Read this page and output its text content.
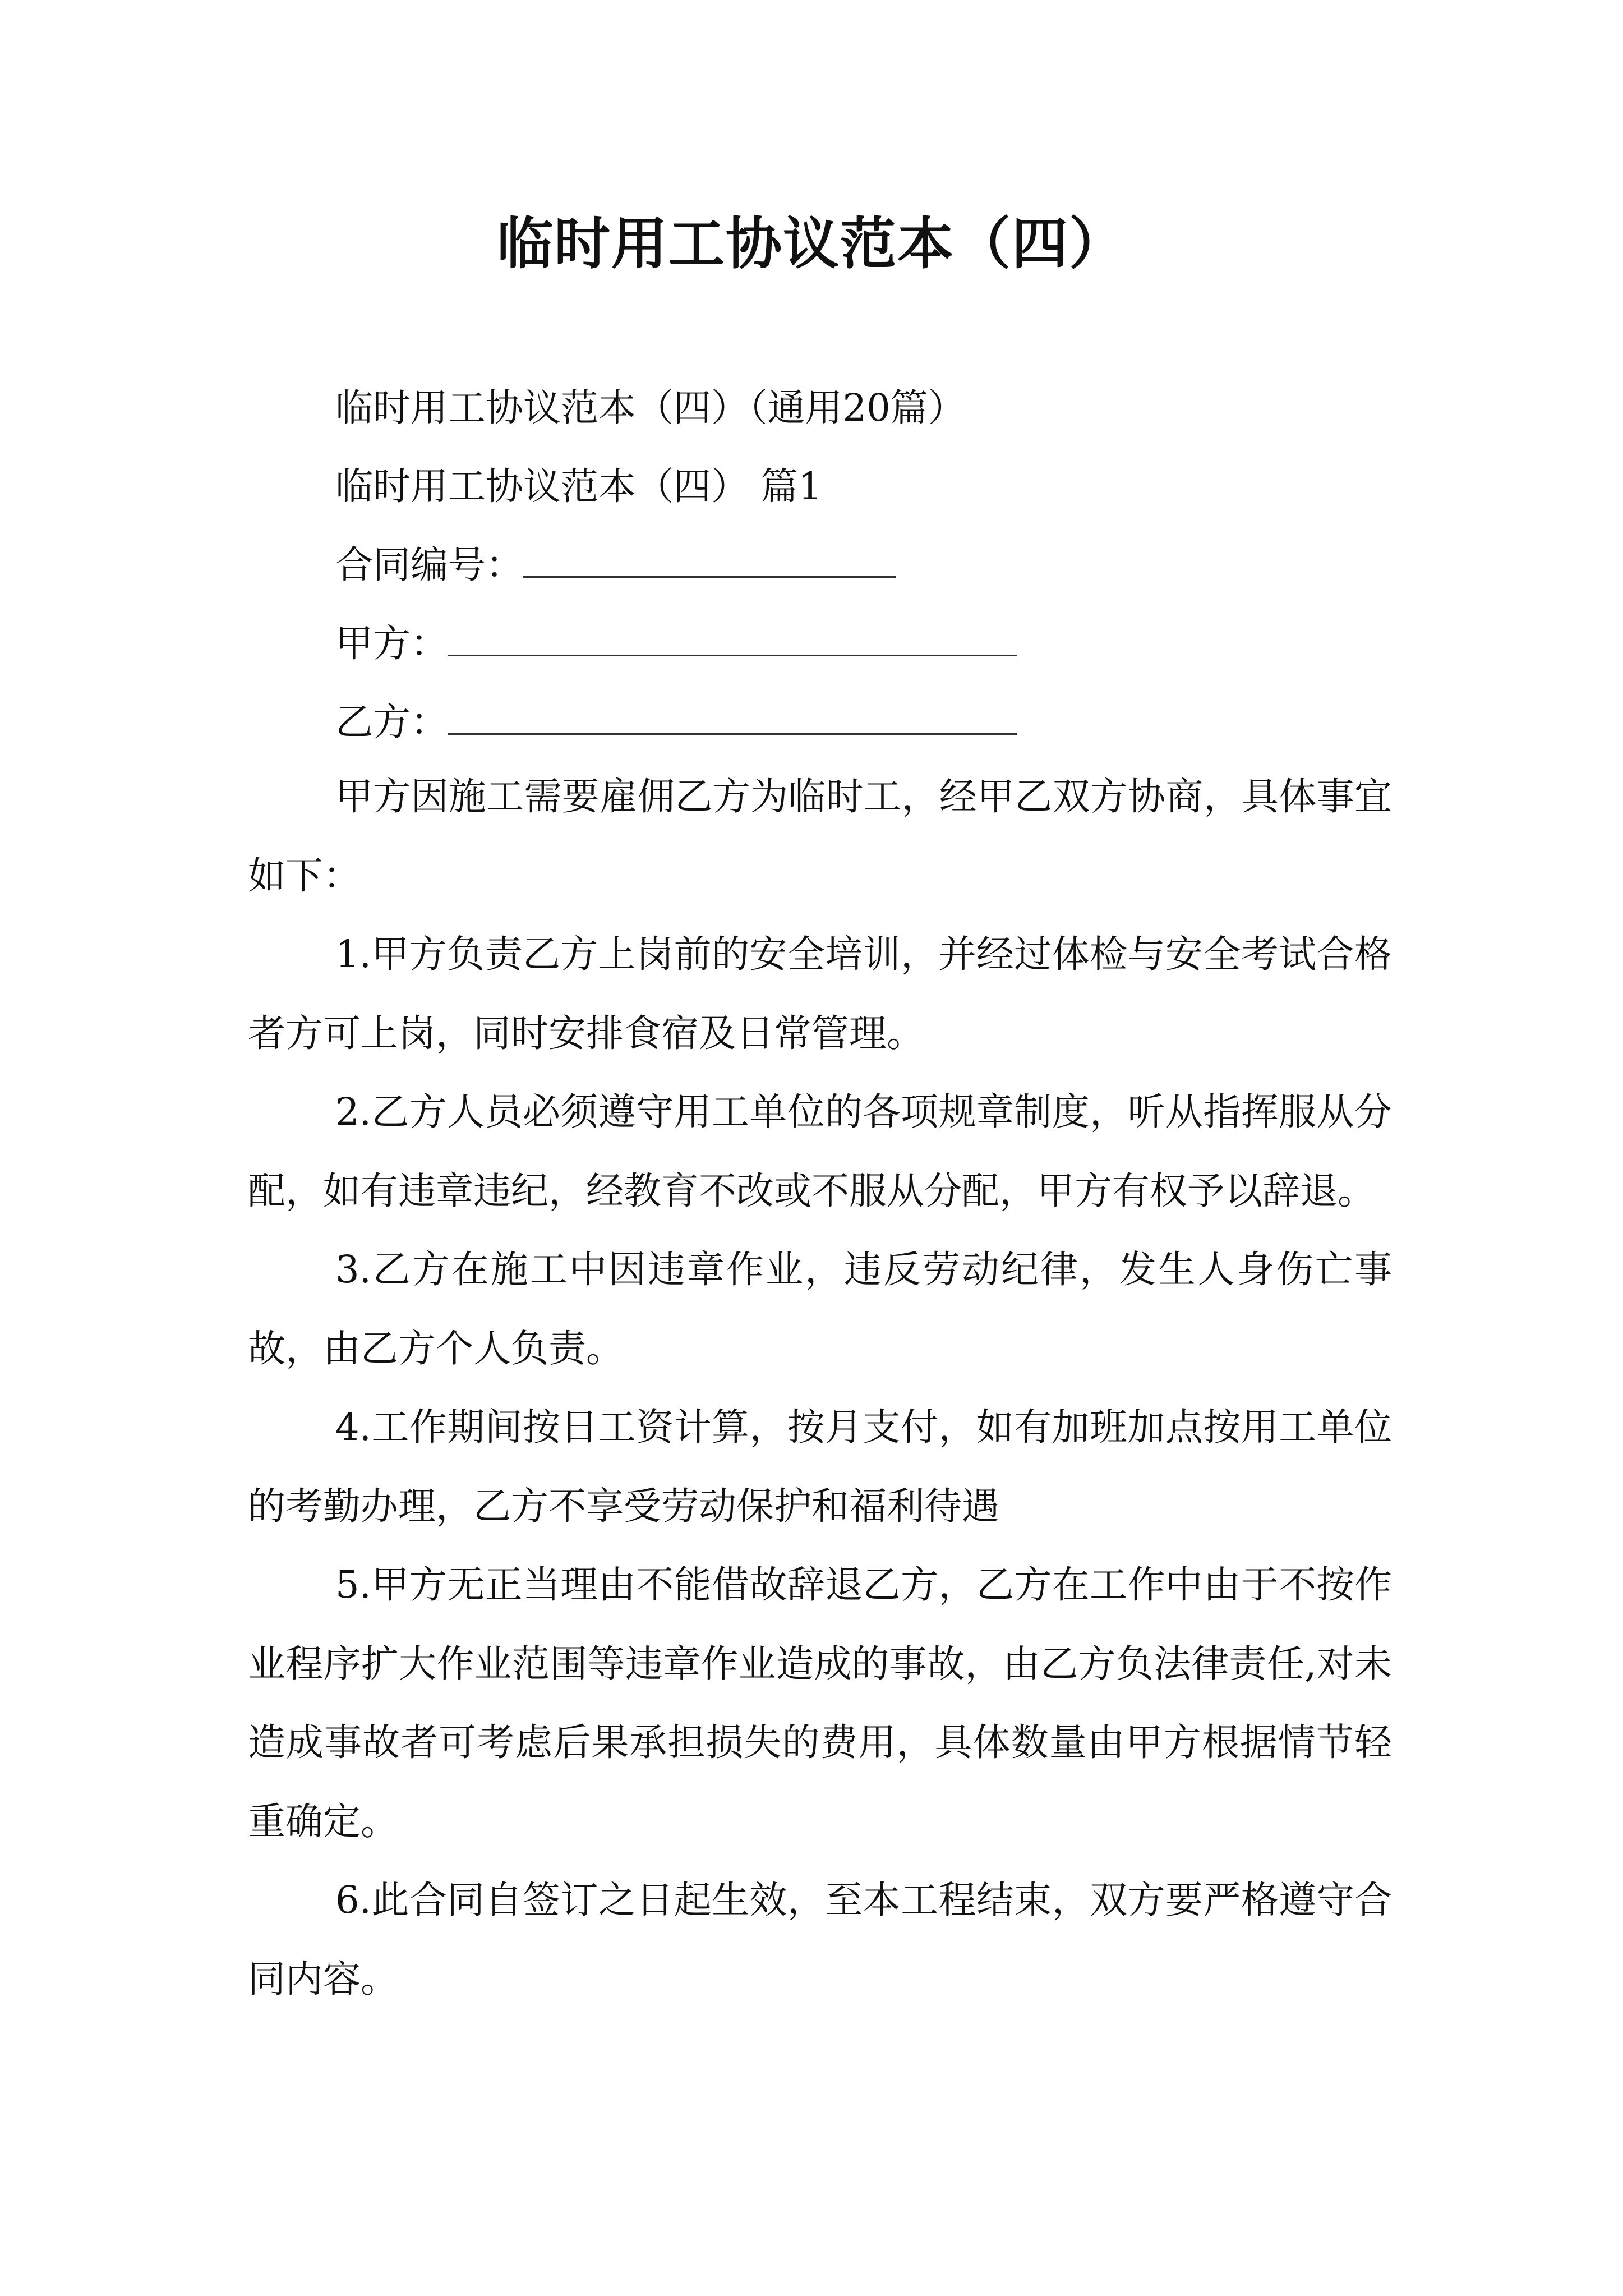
临时用工协议范本（四）

临时用工协议范本（四）（通用20篇）

临时用工协议范本（四） 篇1

合同编号：

甲方：

乙方：

甲方因施工需要雇佣乙方为临时工，经甲乙双方协商，具体事宜如下：

1.甲方负责乙方上岗前的安全培训，并经过体检与安全考试合格者方可上岗，同时安排食宿及日常管理。

2.乙方人员必须遵守用工单位的各项规章制度，听从指挥服从分配，如有违章违纪，经教育不改或不服从分配，甲方有权予以辞退。

3.乙方在施工中因违章作业，违反劳动纪律，发生人身伤亡事故，由乙方个人负责。

4.工作期间按日工资计算，按月支付，如有加班加点按用工单位的考勤办理，乙方不享受劳动保护和福利待遇

5.甲方无正当理由不能借故辞退乙方，乙方在工作中由于不按作业程序扩大作业范围等违章作业造成的事故，由乙方负法律责任,对未造成事故者可考虑后果承担损失的费用，具体数量由甲方根据情节轻重确定。

6.此合同自签订之日起生效，至本工程结束，双方要严格遵守合同内容。
